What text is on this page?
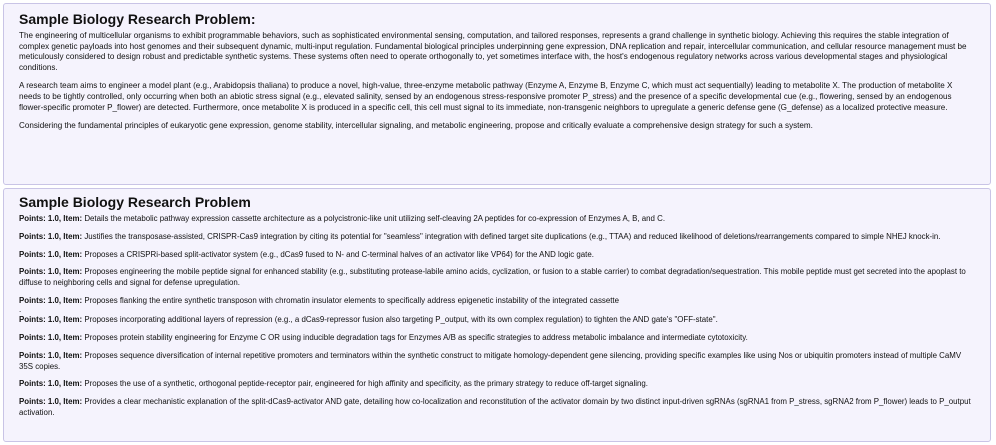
Sample Biology Research Problem:

The engineering of multicellular organisms to exhibit programmable behaviors, such as sophisticated environmental sensing, computation, and tailored responses, represents a grand challenge in synthetic biology. Achieving this requires the stable integration of complex genetic payloads into host genomes and their subsequent dynamic, multi-input regulation. Fundamental biological principles underpinning gene expression, DNA replication and repair, intercellular communication, and cellular resource management must be meticulously considered to design robust and predictable synthetic systems. These systems often need to operate orthogonally to, yet sometimes interface with, the host's endogenous regulatory networks across various developmental stages and physiological conditions.

A research team aims to engineer a model plant (e.g., Arabidopsis thaliana) to produce a novel, high-value, three-enzyme metabolic pathway (Enzyme A, Enzyme B, Enzyme C, which must act sequentially) leading to metabolite X. The production of metabolite X needs to be tightly controlled, only occurring when both an abiotic stress signal (e.g., elevated salinity, sensed by an endogenous stress-responsive promoter P_stress) and the presence of a specific developmental cue (e.g., flowering, sensed by an endogenous flower-specific promoter P_flower) are detected. Furthermore, once metabolite X is produced in a specific cell, this cell must signal to its immediate, non-transgenic neighbors to upregulate a generic defense gene (G_defense) as a localized protective measure.

Considering the fundamental principles of eukaryotic gene expression, genome stability, intercellular signaling, and metabolic engineering, propose and critically evaluate a comprehensive design strategy for such a system.

Sample Biology Research Problem
Points: 1.0, Item: Details the metabolic pathway expression cassette architecture as a polycistronic-like unit utilizing self-cleaving 2A peptides for co-expression of Enzymes A, B, and C.
Points: 1.0, Item: Justifies the transposase-assisted, CRISPR-Cas9 integration by citing its potential for "seamless" integration with defined target site duplications (e.g., TTAA) and reduced likelihood of deletions/rearrangements compared to simple NHEJ knock-in.
Points: 1.0, Item: Proposes a CRISPRi-based split-activator system (e.g., dCas9 fused to N- and C-terminal halves of an activator like VP64) for the AND logic gate.
Points: 1.0, Item: Proposes engineering the mobile peptide signal for enhanced stability (e.g., substituting protease-labile amino acids, cyclization, or fusion to a stable carrier) to combat degradation/sequestration. This mobile peptide must get secreted into the apoplast to diffuse to neighboring cells and signal for defense upregulation.
Points: 1.0, Item: Proposes flanking the entire synthetic transposon with chromatin insulator elements to specifically address epigenetic instability of the integrated cassette
.
Points: 1.0, Item: Proposes incorporating additional layers of repression (e.g., a dCas9-repressor fusion also targeting P_output, with its own complex regulation) to tighten the AND gate's "OFF-state".
Points: 1.0, Item: Proposes protein stability engineering for Enzyme C OR using inducible degradation tags for Enzymes A/B as specific strategies to address metabolic imbalance and intermediate cytotoxicity.
Points: 1.0, Item: Proposes sequence diversification of internal repetitive promoters and terminators within the synthetic construct to mitigate homology-dependent gene silencing, providing specific examples like using Nos or ubiquitin promoters instead of multiple CaMV 35S copies.
Points: 1.0, Item: Proposes the use of a synthetic, orthogonal peptide-receptor pair, engineered for high affinity and specificity, as the primary strategy to reduce off-target signaling.
Points: 1.0, Item: Provides a clear mechanistic explanation of the split-dCas9-activator AND gate, detailing how co-localization and reconstitution of the activator domain by two distinct input-driven sgRNAs (sgRNA1 from P_stress, sgRNA2 from P_flower) leads to P_output activation.
